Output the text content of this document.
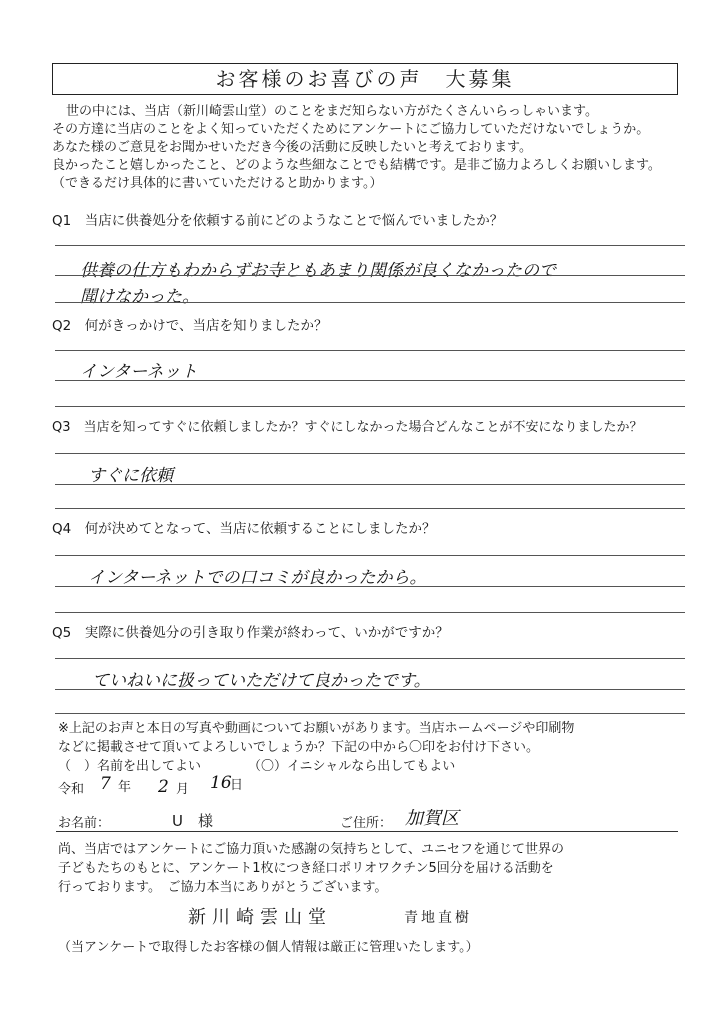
お客様のお喜びの声　大募集
世の中には、当店（新川崎雲山堂）のことをまだ知らない方がたくさんいらっしゃいます。
その方達に当店のことをよく知っていただくためにアンケートにご協力していただけないでしょうか。
あなた様のご意見をお聞かせいただき今後の活動に反映したいと考えております。
良かったこと嬉しかったこと、どのような些細なことでも結構です。是非ご協力よろしくお願いします。
（できるだけ具体的に書いていただけると助かります。）
Q1　当店に供養処分を依頼する前にどのようなことで悩んでいましたか？
供養の仕方もわからずお寺ともあまり関係が良くなかったので
聞けなかった。
Q2　何がきっかけで、当店を知りましたか？
インターネット
Q3　当店を知ってすぐに依頼しましたか？すぐにしなかった場合どんなことが不安になりましたか？
すぐに依頼
Q4　何が決めてとなって、当店に依頼することにしましたか？
インターネットでの口コミが良かったから。
Q5　実際に供養処分の引き取り作業が終わって、いかがですか？
ていねいに扱っていただけて良かったです。
※上記のお声と本日の写真や動画についてお願いがあります。当店ホームページや印刷物
などに掲載させて頂いてよろしいでしょうか？下記の中から〇印をお付け下さい。
（　）名前を出してよい	（〇）イニシャルなら出してもよい
令和 7 年 2 月 16
日
お名前：	U　様	ご住所： 加賀区
尚、当店ではアンケートにご協力頂いた感謝の気持ちとして、ユニセフを通じて世界の
子どもたちのもとに、アンケート1枚につき経口ポリオワクチン5回分を届ける活動を
行っております。　ご協力本当にありがとうございます。
新川崎雲山堂	青地直樹
（当アンケートで取得したお客様の個人情報は厳正に管理いたします。）
